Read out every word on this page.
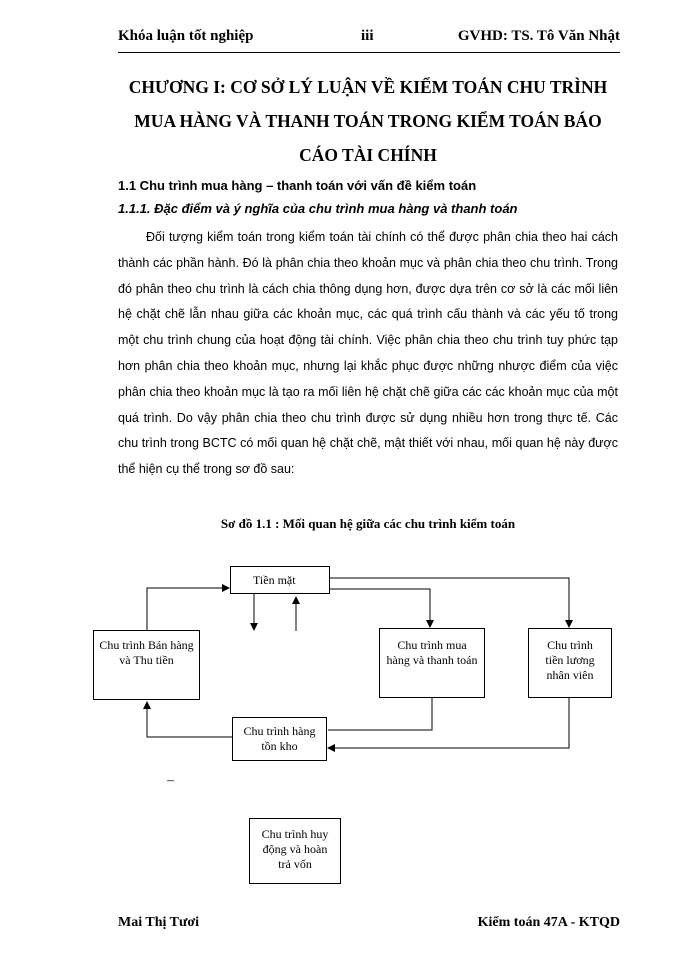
Khóa luận tốt nghiệp	iii	GVHD: TS. Tô Văn Nhật
CHƯƠNG I: CƠ SỞ LÝ LUẬN VỀ KIỂM TOÁN CHU TRÌNH MUA HÀNG VÀ THANH TOÁN TRONG KIỂM TOÁN BÁO CÁO TÀI CHÍNH
1.1 Chu trình mua hàng – thanh toán với vấn đề kiểm toán
1.1.1. Đặc điểm và ý nghĩa của chu trình mua hàng và thanh toán
Đối tượng kiểm toán trong kiểm toán tài chính có thể được phân chia theo hai cách thành các phần hành. Đó là phân chia theo khoản mục và phân chia theo chu trình. Trong đó phân theo chu trình là cách chia thông dụng hơn, được dựa trên cơ sở là các mối liên hệ chặt chẽ lẫn nhau giữa các khoản mục, các quá trình cấu thành và các yếu tố trong một chu trình chung của hoạt động tài chính. Việc phân chia theo chu trình tuy phức tạp hơn phân chia theo khoản mục, nhưng lại khắc phục được những nhược điểm của việc phân chia theo khoản mục là tạo ra mối liên hệ chặt chẽ giữa các các khoản mục của một quá trình. Do vậy phân chia theo chu trình được sử dụng nhiều hơn trong thực tế. Các chu trình trong BCTC có mối quan hệ chặt chẽ, mật thiết với nhau, mối quan hệ này được thể hiện cụ thể trong sơ đồ sau:
Sơ đồ 1.1 : Mối quan hệ giữa các chu trình kiểm toán
Tiền mặt
Chu trình Bán hàng và Thu tiền
Chu trình mua hàng và thanh toán
Chu trình tiền lương nhân viên
Chu trình hàng tồn kho
–
Chu trình huy động và hoàn trả vốn
Mai Thị Tươi	Kiểm toán 47A - KTQD
